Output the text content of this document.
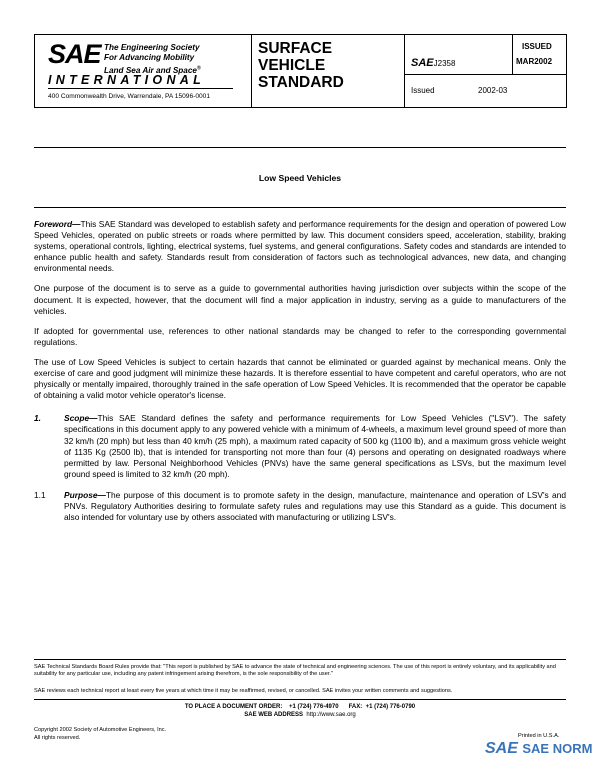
SAE The Engineering Society
For Advancing Mobility
Land Sea Air and Space®
INTERNATIONAL
400 Commonwealth Drive, Warrendale, PA 15096-0001
SURFACE
VEHICLE
STANDARD
SAEJ2358
ISSUED
MAR2002
Issued	2002-03
Low Speed Vehicles

Foreword—This SAE Standard was developed to establish safety and performance requirements for the design and operation of powered Low Speed Vehicles, operated on public streets or roads where permitted by law. This document considers speed, acceleration, stability, braking systems, operational controls, lighting, electrical systems, fuel systems, and general configurations. Safety codes and standards are intended to enhance public health and safety. Standards result from consideration of factors such as technological advances, new data, and changing environmental needs.

One purpose of the document is to serve as a guide to governmental authorities having jurisdiction over subjects within the scope of the document. It is expected, however, that the document will find a major application in industry, serving as a guide to manufacturers of the vehicles.

If adopted for governmental use, references to other national standards may be changed to refer to the corresponding governmental regulations.

The use of Low Speed Vehicles is subject to certain hazards that cannot be eliminated or guarded against by mechanical means. Only the exercise of care and good judgment will minimize these hazards. It is therefore essential to have competent and careful operators, who are not physically or mentally impaired, thoroughly trained in the safe operation of Low Speed Vehicles. It is recommended that the operator be capable of obtaining a valid motor vehicle operator's license.

1.	Scope—This SAE Standard defines the safety and performance requirements for Low Speed Vehicles ("LSV"). The safety specifications in this document apply to any powered vehicle with a minimum of 4-wheels, a maximum level ground speed of more than 32 km/h (20 mph) but less than 40 km/h (25 mph), a maximum rated capacity of 500 kg (1100 lb), and a maximum gross vehicle weight of 1135 Kg (2500 lb), that is intended for transporting not more than four (4) persons and operating on designated roadways where permitted by law. Personal Neighborhood Vehicles (PNVs) have the same general specifications as LSVs, but the maximum level ground speed is limited to 32 km/h (20 mph).
1.1	Purpose—The purpose of this document is to promote safety in the design, manufacture, maintenance and operation of LSV's and PNVs. Regulatory Authorities desiring to formulate safety rules and regulations may use this Standard as a guide. This document is also intended for voluntary use by others associated with manufacturing or utilizing LSV's.
SAE Technical Standards Board Rules provide that: "This report is published by SAE to advance the state of technical and engineering sciences. The use of this report is entirely voluntary, and its applicability and suitability for any particular use, including any patent infringement arising therefrom, is the sole responsibility of the user."
SAE reviews each technical report at least every five years at which time it may be reaffirmed, revised, or cancelled. SAE invites your written comments and suggestions.
TO PLACE A DOCUMENT ORDER: +1 (724) 776-4970 FAX: +1 (724) 776-0790
SAE WEB ADDRESS http://www.sae.org
Copyright 2002 Society of Automotive Engineers, Inc.
All rights reserved.	Printed in U.S.A.
SAE SAE NORM
